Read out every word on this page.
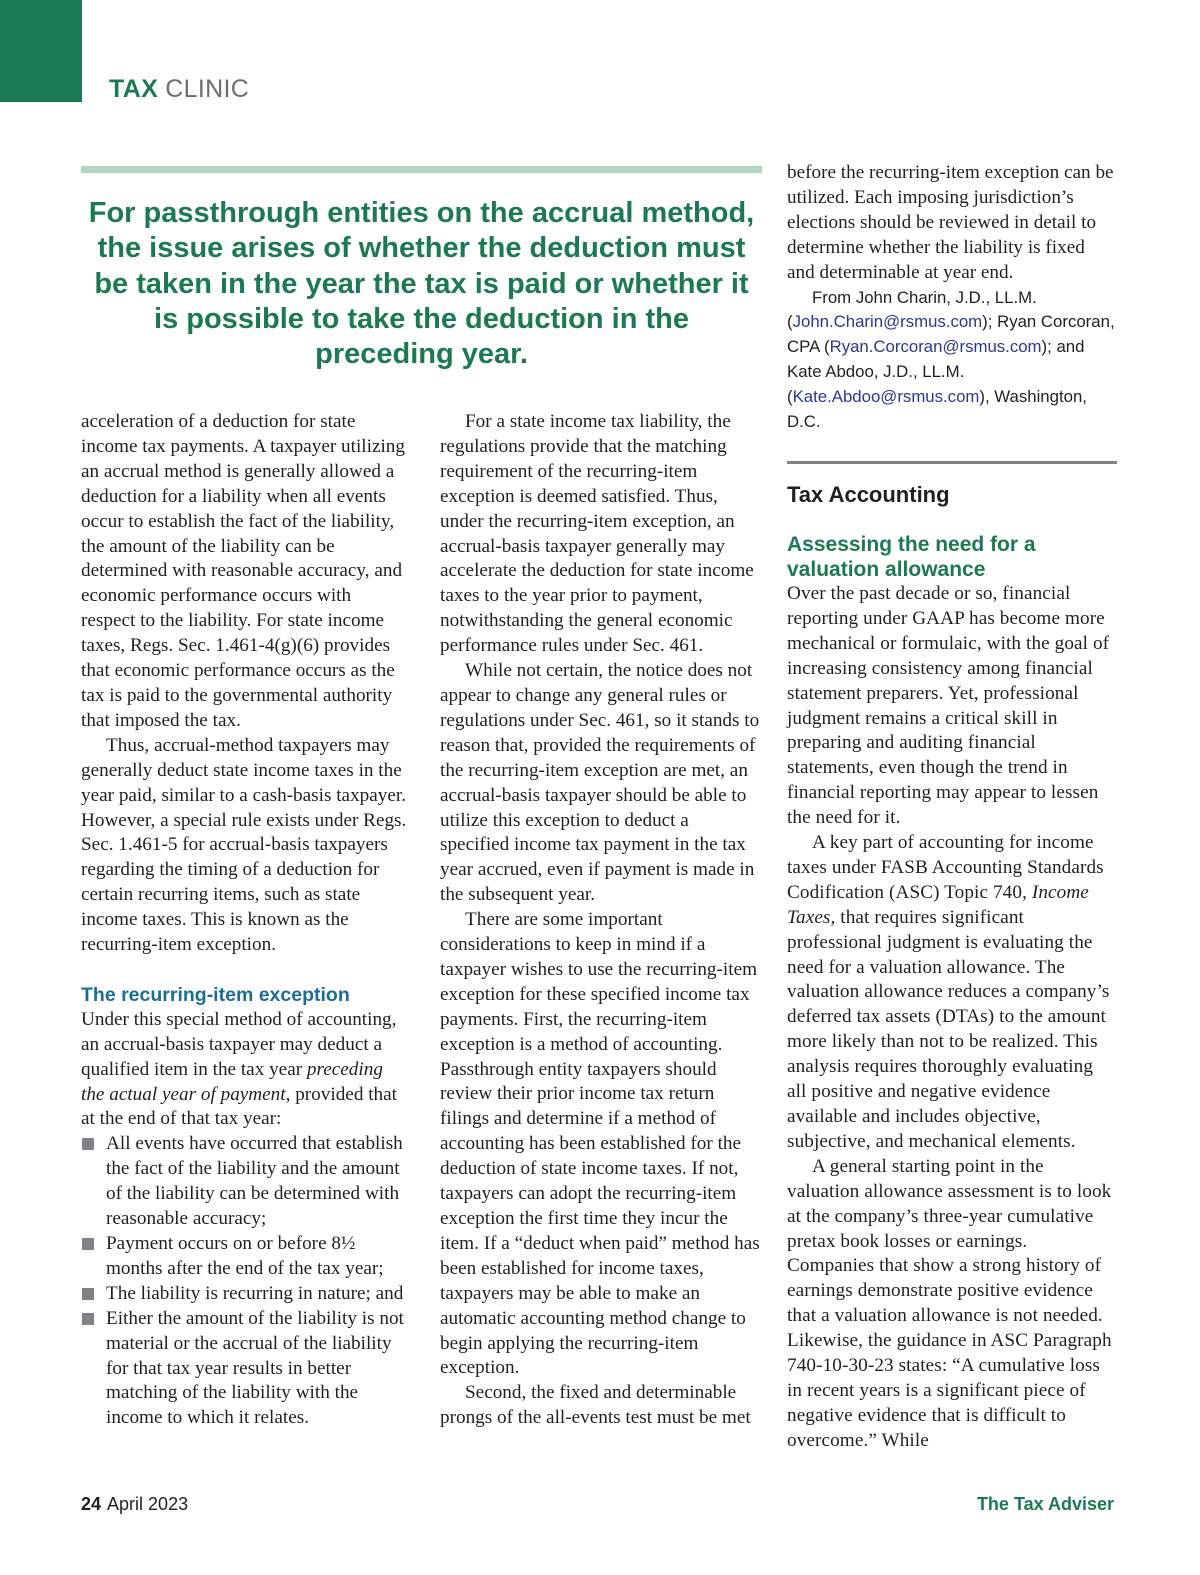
TAX CLINIC

For passthrough entities on the accrual method, the issue arises of whether the deduction must be taken in the year the tax is paid or whether it is possible to take the deduction in the preceding year.

acceleration of a deduction for state income tax payments. A taxpayer utilizing an accrual method is generally allowed a deduction for a liability when all events occur to establish the fact of the liability, the amount of the liability can be determined with reasonable accuracy, and economic performance occurs with respect to the liability. For state income taxes, Regs. Sec. 1.461-4(g)(6) provides that economic performance occurs as the tax is paid to the governmental authority that imposed the tax.

Thus, accrual-method taxpayers may generally deduct state income taxes in the year paid, similar to a cash-basis taxpayer. However, a special rule exists under Regs. Sec. 1.461-5 for accrual-basis taxpayers regarding the timing of a deduction for certain recurring items, such as state income taxes. This is known as the recurring-item exception.

The recurring-item exception

Under this special method of accounting, an accrual-basis taxpayer may deduct a qualified item in the tax year preceding the actual year of payment, provided that at the end of that tax year:

All events have occurred that establish the fact of the liability and the amount of the liability can be determined with reasonable accuracy;
Payment occurs on or before 8½ months after the end of the tax year;
The liability is recurring in nature; and
Either the amount of the liability is not material or the accrual of the liability for that tax year results in better matching of the liability with the income to which it relates.

For a state income tax liability, the regulations provide that the matching requirement of the recurring-item exception is deemed satisfied. Thus, under the recurring-item exception, an accrual-basis taxpayer generally may accelerate the deduction for state income taxes to the year prior to payment, notwithstanding the general economic performance rules under Sec. 461.

While not certain, the notice does not appear to change any general rules or regulations under Sec. 461, so it stands to reason that, provided the requirements of the recurring-item exception are met, an accrual-basis taxpayer should be able to utilize this exception to deduct a specified income tax payment in the tax year accrued, even if payment is made in the subsequent year.

There are some important considerations to keep in mind if a taxpayer wishes to use the recurring-item exception for these specified income tax payments. First, the recurring-item exception is a method of accounting. Passthrough entity taxpayers should review their prior income tax return filings and determine if a method of accounting has been established for the deduction of state income taxes. If not, taxpayers can adopt the recurring-item exception the first time they incur the item. If a “deduct when paid” method has been established for income taxes, taxpayers may be able to make an automatic accounting method change to begin applying the recurring-item exception.

Second, the fixed and determinable prongs of the all-events test must be met

before the recurring-item exception can be utilized. Each imposing jurisdiction’s elections should be reviewed in detail to determine whether the liability is fixed and determinable at year end.

From John Charin, J.D., LL.M. (John.Charin@rsmus.com); Ryan Corcoran, CPA (Ryan.Corcoran@rsmus.com); and Kate Abdoo, J.D., LL.M. (Kate.Abdoo@rsmus.com), Washington, D.C.

Tax Accounting
Assessing the need for a valuation allowance

Over the past decade or so, financial reporting under GAAP has become more mechanical or formulaic, with the goal of increasing consistency among financial statement preparers. Yet, professional judgment remains a critical skill in preparing and auditing financial statements, even though the trend in financial reporting may appear to lessen the need for it.

A key part of accounting for income taxes under FASB Accounting Standards Codification (ASC) Topic 740, Income Taxes, that requires significant professional judgment is evaluating the need for a valuation allowance. The valuation allowance reduces a company’s deferred tax assets (DTAs) to the amount more likely than not to be realized. This analysis requires thoroughly evaluating all positive and negative evidence available and includes objective, subjective, and mechanical elements.

A general starting point in the valuation allowance assessment is to look at the company’s three-year cumulative pretax book losses or earnings. Companies that show a strong history of earnings demonstrate positive evidence that a valuation allowance is not needed. Likewise, the guidance in ASC Paragraph 740-10-30-23 states: “A cumulative loss in recent years is a significant piece of negative evidence that is difficult to overcome.” While

24 April 2023	The Tax Adviser
